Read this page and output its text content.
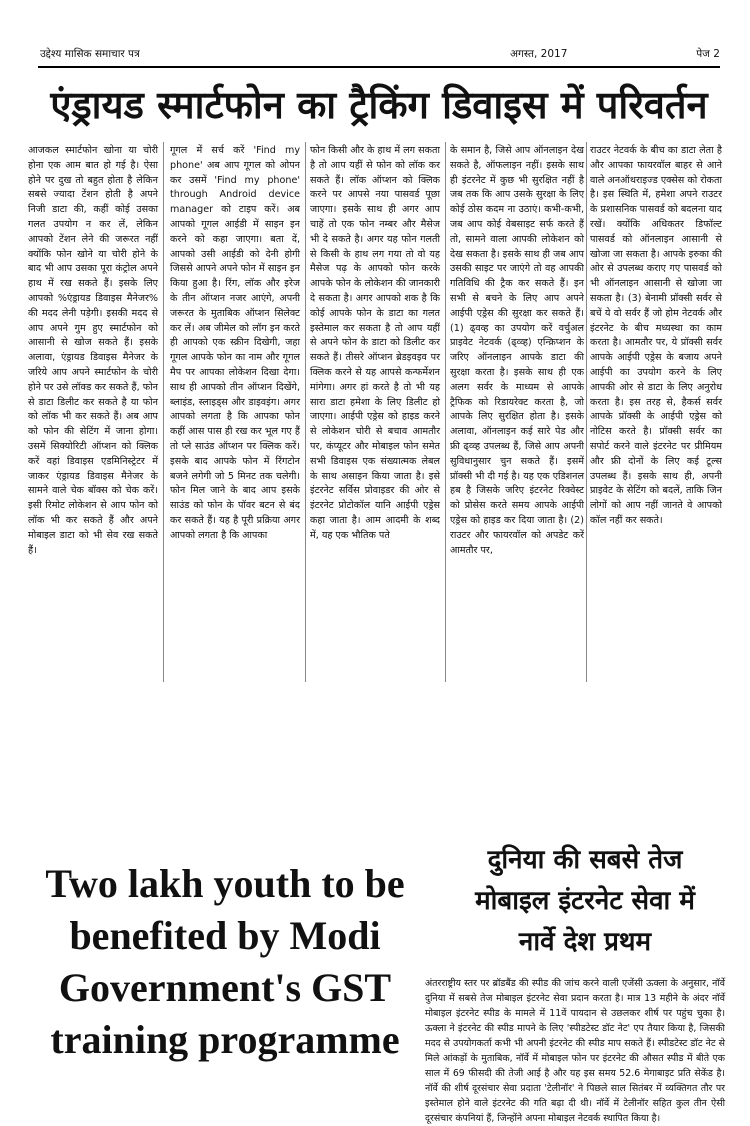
उद्देश्य मासिक समाचार पत्र	अगस्त, 2017	पेज 2
एंड्रायड स्मार्टफोन का ट्रैकिंग डिवाइस में परिवर्तन

आजकल स्मार्टफोन खोना या चोरी होना एक आम बात हो गई है। ऐसा होने पर दुख तो बहुत होता है लेकिन सबसे ज्यादा टेंशन होती है अपने निजी डाटा की, कहीं कोई उसका गलत उपयोग न कर लें, लेकिन आपको टेंशन लेने की जरूरत नहीं क्योंकि फोन खोने या चोरी होने के बाद भी आप उसका पूरा कंट्रोल अपने हाथ में रख सकते हैं। इसके लिए आपको %एंड्रायड डिवाइस मैनेजर% की मदद लेनी पड़ेगी। इसकी मदद से आप अपने गुम हुए स्मार्टफोन को आसानी से खोज सकते हैं। इसके अलावा, एंड्रायड डिवाइस मैनेजर के जरिये आप अपने स्मार्टफोन के चोरी होने पर उसे लॉक्ड कर सकते हैं, फोन से डाटा डिलीट कर सकते है या फोन को लॉक भी कर सकते हैं। अब आप को फोन की सेटिंग में जाना होगा। उसमें सिक्योरिटी ऑप्शन को क्लिक करें वहां डिवाइस एडमिनिस्ट्रेटर में जाकर एंड्रायड डिवाइस मैनेजर के सामने वाले चेक बॉक्स को चेक करें। इसी रिमोट लोकेशन से आप फोन को लॉक भी कर सकते हैं और अपने मोबाइल डाटा को भी सेव रख सकते हैं।

गूगल में सर्च करें 'Find my phone' अब आप गूगल को ओपन कर उसमें 'Find my phone' through Android device manager को टाइप करें। अब आपको गूगल आईडी में साइन इन करने को कहा जाएगा। बता दें, आपको उसी आईडी को देनी होगी जिससे आपने अपने फोन में साइन इन किया हुआ है। रिंग, लॉक और इरेज के तीन ऑप्शन नजर आएंगे, अपनी जरूरत के मुताबिक ऑप्शन सिलेक्ट कर लें। अब जीमेल को लॉग इन करते ही आपको एक स्क्रीन दिखेगी, जहा गूगल आपके फोन का नाम और गूगल मैप पर आपका लोकेशन दिखा देगा। साथ ही आपको तीन ऑप्शन दिखेंगे, ब्लाइंड, स्लाइड्स और डाइवइंग। अगर आपको लगता है कि आपका फोन कहीं आस पास ही रख कर भूल गए हैं तो प्ले साउंड ऑप्शन पर क्लिक करें। इसके बाद आपके फोन में रिंगटोन बजने लगेगी जो 5 मिनट तक चलेगी। फोन मिल जाने के बाद आप इसके साउंड को फोन के पॉवर बटन से बंद कर सकते हैं। यह है पूरी प्रक्रिया अगर आपको लगता है कि आपका

फोन किसी और के हाथ में लग सकता है तो आप यहीं से फोन को लॉक कर सकते हैं। लॉक ऑप्शन को क्लिक करने पर आपसे नया पासवर्ड पूछा जाएगा। इसके साथ ही अगर आप चाहें तो एक फोन नम्बर और मैसेज भी दे सकते है। अगर यह फोन गलती से किसी के हाथ लग गया तो वो यह मैसेज पढ़ के आपको फोन करके आपके फोन के लोकेशन की जानकारी दे सकता है। अगर आपको शक है कि कोई आपके फोन के डाटा का गलत इस्तेमाल कर सकता है तो आप यहीं से अपने फोन के डाटा को डिलीट कर सकते हैं। तीसरे ऑप्शन ब्रेडइवइव पर क्लिक करने से यह आपसे कन्फर्मेशन मांगेगा। अगर हां करते है तो भी यह सारा डाटा हमेशा के लिए डिलीट हो जाएगा। आईपी एड्रेस को हाइड करने से लोकेशन चोरी से बचाव आमतौर पर, कंप्यूटर और मोबाइल फोन समेत सभी डिवाइस एक संख्यात्मक लेबल के साथ असाइन किया जाता है। इसे इंटरनेट सर्विस प्रोवाइडर की ओर से इंटरनेट प्रोटोकॉल यानि आईपी एड्रेस कहा जाता है। आम आदमी के शब्द में, यह एक भौतिक पते

के समान है, जिसे आप ऑनलाइन देख सकते है, ऑफलाइन नहीं। इसके साथ ही इंटरनेट में कुछ भी सुरक्षित नहीं है जब तक कि आप उसके सुरक्षा के लिए कोई ठोस कदम ना उठाएं। कभी-कभी, जब आप कोई वेबसाइट सर्फ करते हैं तो, सामने वाला आपकी लोकेशन को देख सकता है। इसके साथ ही जब आप उसकी साइट पर जाएंगे तो वह आपकी गतिविधि की ट्रैक कर सकते हैं। इन सभी से बचने के लिए आप अपने आईपी एड्रेस की सुरक्षा कर सकते हैं। (1) ढ्वव्ह का उपयोग करें वर्चुअल प्राइवेट नेटवर्क (ढ्व्व्ह) एन्क्रिप्शन के जरिए ऑनलाइन आपके डाटा की सुरक्षा करता है। इसके साथ ही एक अलग सर्वर के माध्यम से आपके ट्रैफिक को रिडायरेक्ट करता है, जो आपके लिए सुरक्षित होता है। इसके अलावा, ऑनलाइन कई सारे पेड और फ्री ढ्व्व्ह उपलब्ध हैं, जिसे आप अपनी सुविधानुसार चुन सकते हैं। इसमें प्रॉक्सी भी दी गई है। यह एक एडिशनल हब है जिसके जरिए इंटरनेट रिक्वेस्ट को प्रोसेस करते समय आपके आईपी एड्रेस को हाइड कर दिया जाता है। (2) राउटर और फायरवॉल को अपडेट करें आमतौर पर,

राउटर नेटवर्क के बीच का डाटा लेता है और आपका फायरवॉल बाहर से आने वाले अनऑथराइज्ड एक्सेस को रोकता है। इस स्थिति में, हमेशा अपने राउटर के प्रशासनिक पासवर्ड को बदलना याद रखें। क्योंकि अधिकतर डिफॉल्ट पासवर्ड को ऑनलाइन आसानी से खोजा जा सकता है। आपके इरुका की ओर से उपलब्ध कराए गए पासवर्ड को भी ऑनलाइन आसानी से खोजा जा सकता है। (3) बेनामी प्रॉक्सी सर्वर से बचें ये वो सर्वर हैं जो होम नेटवर्क और इंटरनेट के बीच मध्यस्था का काम करता है। आमतौर पर, ये प्रॉक्सी सर्वर आपके आईपी एड्रेस के बजाय अपने आईपी का उपयोग करने के लिए आपकी ओर से डाटा के लिए अनुरोध करता है। इस तरह से, हैकर्स सर्वर आपके प्रॉक्सी के आईपी एड्रेस को नोटिस करते है। प्रॉक्सी सर्वर का सपोर्ट करने वाले इंटरनेट पर प्रीमियम और फ्री दोनों के लिए कई टूल्स उपलब्ध हैं। इसके साथ ही, अपनी प्राइवेट के सेटिंग को बदलें, ताकि जिन लोगों को आप नहीं जानते वे आपको कॉल नहीं कर सकते।

Two lakh youth to be benefited by Modi Government's GST training programme

दुनिया की सबसे तेज
मोबाइल इंटरनेट सेवा में
नार्वे देश प्रथम

अंतरराष्ट्रीय स्तर पर ब्रॉडबैंड की स्पीड की जांच करने वाली एजेंसी ऊक्ला के अनुसार, नॉर्वे दुनिया में सबसे तेज मोबाइल इंटरनेट सेवा प्रदान करता है। मात्र 13 महीने के अंदर नॉर्वे मोबाइल इंटरनेट स्पीड के मामले में 11वें पायदान से उछलकर शीर्ष पर पहुंच चुका है। ऊक्ला ने इंटरनेट की स्पीड मापने के लिए 'स्पीडटेस्ट डॉट नेट' एप तैयार किया है, जिसकी मदद से उपयोगकर्ता कभी भी अपनी इंटरनेट की स्पीड माप सकते हैं। स्पीडटेस्ट डॉट नेट से मिले आंकड़ों के मुताबिक, नॉर्वे में मोबाइल फोन पर इंटरनेट की औसत स्पीड में बीते एक साल में 69 फीसदी की तेजी आई है और यह इस समय 52.6 मेगाबाइट प्रति सेकेंड है। नॉर्वे की शीर्ष दूरसंचार सेवा प्रदाता 'टेलीनॉर' ने पिछले साल सितंबर में व्यक्तिगत तौर पर इस्तेमाल होने वाले इंटरनेट की गति बढ़ा दी थी। नॉर्वे में टेलीनॉर सहित कुल तीन ऐसी दूरसंचार कंपनियां हैं, जिन्होंने अपना मोबाइल नेटवर्क स्थापित किया है।
